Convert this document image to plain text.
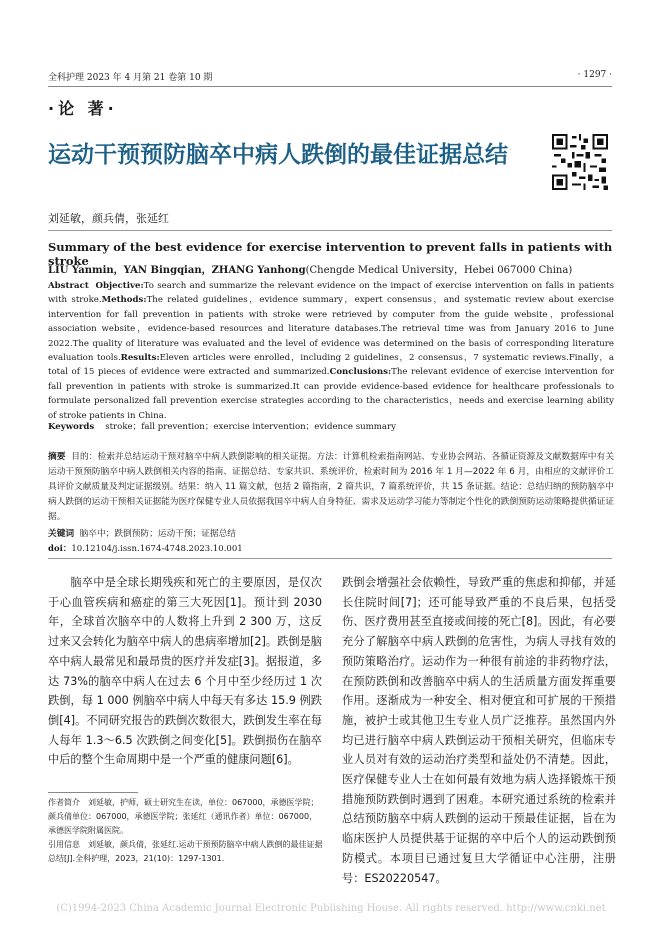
全科护理 2023 年 4 月第 21 卷第 10 期	· 1297 ·
·论 著·
运动干预预防脑卒中病人跌倒的最佳证据总结
刘延敏，颜兵倩，张延红
Summary of the best evidence for exercise intervention to prevent falls in patients with stroke
LIU Yanmin，YAN Bingqian，ZHANG Yanhong(Chengde Medical University，Hebei 067000 China)
Abstract Objective:To search and summarize the relevant evidence on the impact of exercise intervention on falls in patients with stroke.Methods:The related guidelines，evidence summary，expert consensus，and systematic review about exercise intervention for fall prevention in patients with stroke were retrieved by computer from the guide website，professional association website，evidence-based resources and literature databases.The retrieval time was from January 2016 to June 2022.The quality of literature was evaluated and the level of evidence was determined on the basis of corresponding literature evaluation tools.Results:Eleven articles were enrolled，including 2 guidelines，2 consensus，7 systematic reviews.Finally，a total of 15 pieces of evidence were extracted and summarized.Conclusions:The relevant evidence of exercise intervention for fall prevention in patients with stroke is summarized.It can provide evidence-based evidence for healthcare professionals to formulate personalized fall prevention exercise strategies according to the characteristics，needs and exercise learning ability of stroke patients in China.
Keywords stroke；fall prevention；exercise intervention；evidence summary
摘要 目的：检索并总结运动干预对脑卒中病人跌倒影响的相关证据。方法：计算机检索指南网站、专业协会网站、各循证资源及文献数据库中有关运动干预预防脑卒中病人跌倒相关内容的指南、证据总结、专家共识、系统评价，检索时间为 2016 年 1 月—2022 年 6 月，由相应的文献评价工具评价文献质量及判定证据级别。结果：纳入 11 篇文献，包括 2 篇指南，2 篇共识，7 篇系统评价，共 15 条证据。结论：总结归纳的预防脑卒中病人跌倒的运动干预相关证据能为医疗保健专业人员依据我国卒中病人自身特征、需求及运动学习能力等制定个性化的跌倒预防运动策略提供循证证据。
关键词 脑卒中；跌倒预防；运动干预；证据总结
doi：10.12104/j.issn.1674-4748.2023.10.001

脑卒中是全球长期残疾和死亡的主要原因，是仅次于心血管疾病和癌症的第三大死因[1]。预计到 2030 年，全球首次脑卒中的人数将上升到 2 300 万，这反过来又会转化为脑卒中病人的患病率增加[2]。跌倒是脑卒中病人最常见和最昂贵的医疗并发症[3]。据报道，多达 73%的脑卒中病人在过去 6 个月中至少经历过 1 次跌倒，每 1 000 例脑卒中病人中每天有多达 15.9 例跌倒[4]。不同研究报告的跌倒次数很大，跌倒发生率在每人每年 1.3～6.5 次跌倒之间变化[5]。跌倒损伤在脑卒中后的整个生命周期中是一个严重的健康问题[6]。

跌倒会增强社会依赖性，导致严重的焦虑和抑郁，并延长住院时间[7]；还可能导致严重的不良后果，包括受伤、医疗费用甚至直接或间接的死亡[8]。因此，有必要充分了解脑卒中病人跌倒的危害性，为病人寻找有效的预防策略治疗。运动作为一种很有前途的非药物疗法，在预防跌倒和改善脑卒中病人的生活质量方面发挥重要作用。逐渐成为一种安全、相对便宜和可扩展的干预措施，被护士或其他卫生专业人员广泛推荐。虽然国内外均已进行脑卒中病人跌倒运动干预相关研究，但临床专业人员对有效的运动治疗类型和益处仍不清楚。因此，医疗保健专业人士在如何最有效地为病人选择锻炼干预措施预防跌倒时遇到了困难。本研究通过系统的检索并总结预防脑卒中病人跌倒的运动干预最佳证据，旨在为临床医护人员提供基于证据的卒中后个人的运动跌倒预防模式。本项目已通过复旦大学循证中心注册，注册号：ES20220547。

作者简介　刘延敏，护师，硕士研究生在读，单位：067000，承德医学院；颜兵倩单位：067000，承德医学院；张延红（通讯作者）单位：067000，承德医学院附属医院。
引用信息　刘延敏，颜兵倩，张延红.运动干预预防脑卒中病人跌倒的最佳证据总结[J].全科护理，2023，21(10)：1297-1301.
(C)1994-2023 China Academic Journal Electronic Publishing House. All rights reserved. http://www.cnki.net
